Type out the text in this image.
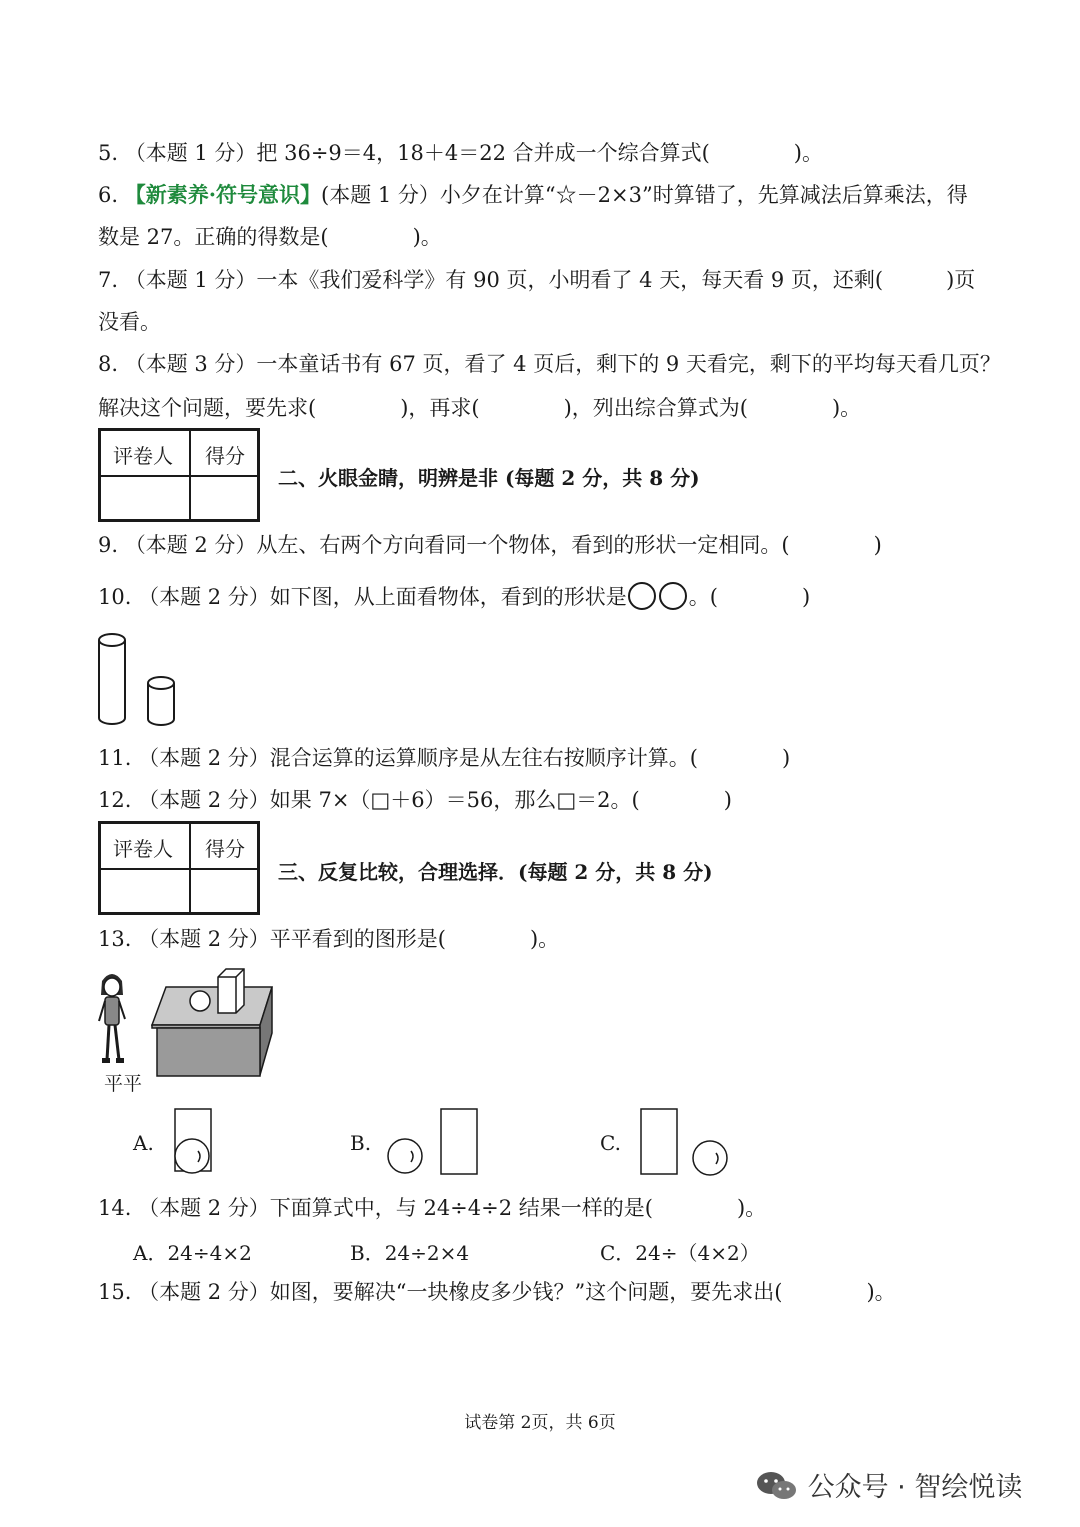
5. （本题 1 分）把 36÷9＝4，18＋4＝22 合并成一个综合算式(　　　　)。
6. 【新素养·符号意识】(本题 1 分）小夕在计算“☆－2×3”时算错了，先算减法后算乘法，得
数是 27。正确的得数是(　　　　)。
7. （本题 1 分）一本《我们爱科学》有 90 页，小明看了 4 天，每天看 9 页，还剩(　　　)页
没看。
8. （本题 3 分）一本童话书有 67 页，看了 4 页后，剩下的 9 天看完，剩下的平均每天看几页？
解决这个问题，要先求(　　　　)，再求(　　　　)，列出综合算式为(　　　　)。
评卷人 得分
二、火眼金睛，明辨是非 (每题 2 分，共 8 分)
9. （本题 2 分）从左、右两个方向看同一个物体，看到的形状一定相同。(　　　　)
10. （本题 2 分）如下图，从上面看物体，看到的形状是	。(　　　　)
11. （本题 2 分）混合运算的运算顺序是从左往右按顺序计算。(　　　　)
12. （本题 2 分）如果 7×（□＋6）＝56，那么□＝2。(　　　　)
评卷人 得分
三、反复比较，合理选择．(每题 2 分，共 8 分)
13. （本题 2 分）平平看到的图形是(　　　　)。
平平
A.	B.	C.
14. （本题 2 分）下面算式中，与 24÷4÷2 结果一样的是(　　　　)。
A．24÷4×2	B．24÷2×4	C．24÷（4×2）
15. （本题 2 分）如图，要解决“一块橡皮多少钱？”这个问题，要先求出(　　　　)。
试卷第 2页，共 6页
公众号 · 智绘悦读
